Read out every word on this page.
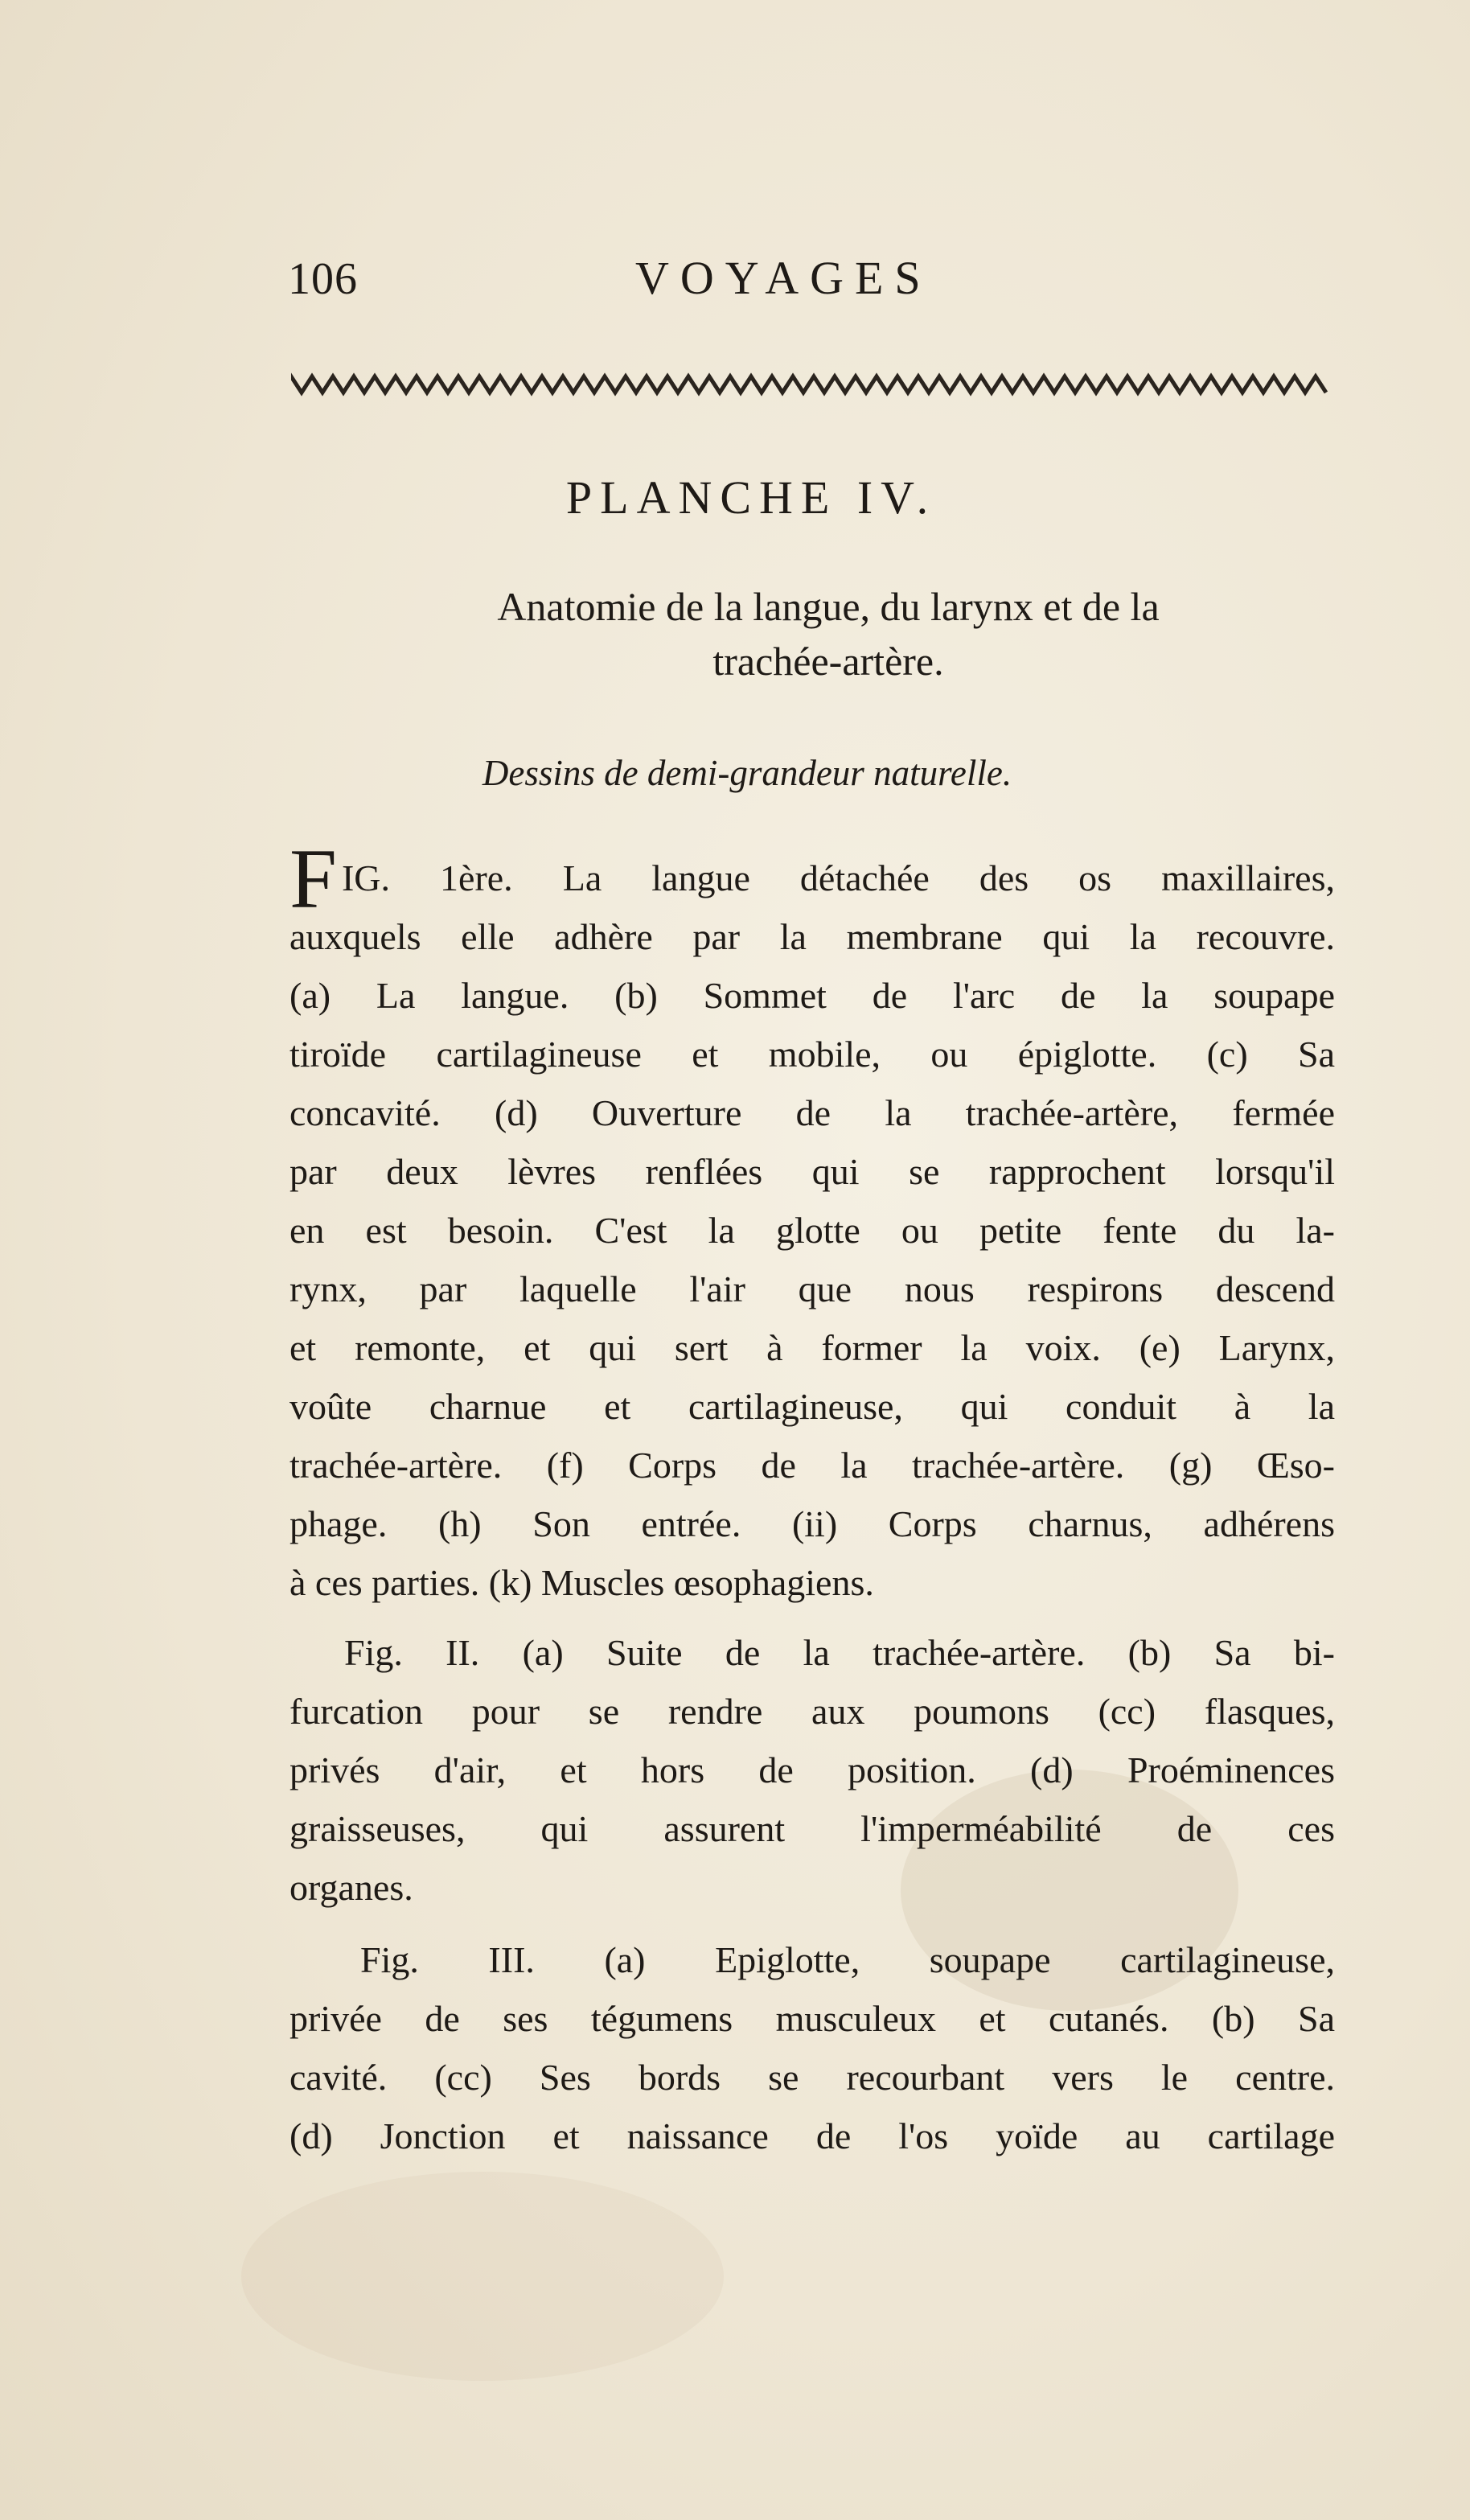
106	VOYAGES
PLANCHE IV.
Anatomie de la langue, du larynx et de la
trachée-artère.
Dessins de demi-grandeur naturelle.
F IG. 1ère. La langue détachée des os maxillaires,
auxquels elle adhère par la membrane qui la recouvre.
(a) La langue. (b) Sommet de l'arc de la soupape
tiroïde cartilagineuse et mobile, ou épiglotte. (c) Sa
concavité. (d) Ouverture de la trachée-artère, fermée
par deux lèvres renflées qui se rapprochent lorsqu'il
en est besoin. C'est la glotte ou petite fente du la-
rynx, par laquelle l'air que nous respirons descend
et remonte, et qui sert à former la voix. (e) Larynx,
voûte charnue et cartilagineuse, qui conduit à la
trachée-artère. (f) Corps de la trachée-artère. (g) Œso-
phage. (h) Son entrée. (ii) Corps charnus, adhérens
à ces parties. (k) Muscles œsophagiens.
Fig. II. (a) Suite de la trachée-artère. (b) Sa bi-
furcation pour se rendre aux poumons (cc) flasques,
privés d'air, et hors de position. (d) Proéminences
graisseuses, qui assurent l'imperméabilité de ces
organes.
Fig. III. (a) Epiglotte, soupape cartilagineuse,
privée de ses tégumens musculeux et cutanés. (b) Sa
cavité. (cc) Ses bords se recourbant vers le centre.
(d) Jonction et naissance de l'os yoïde au cartilage
